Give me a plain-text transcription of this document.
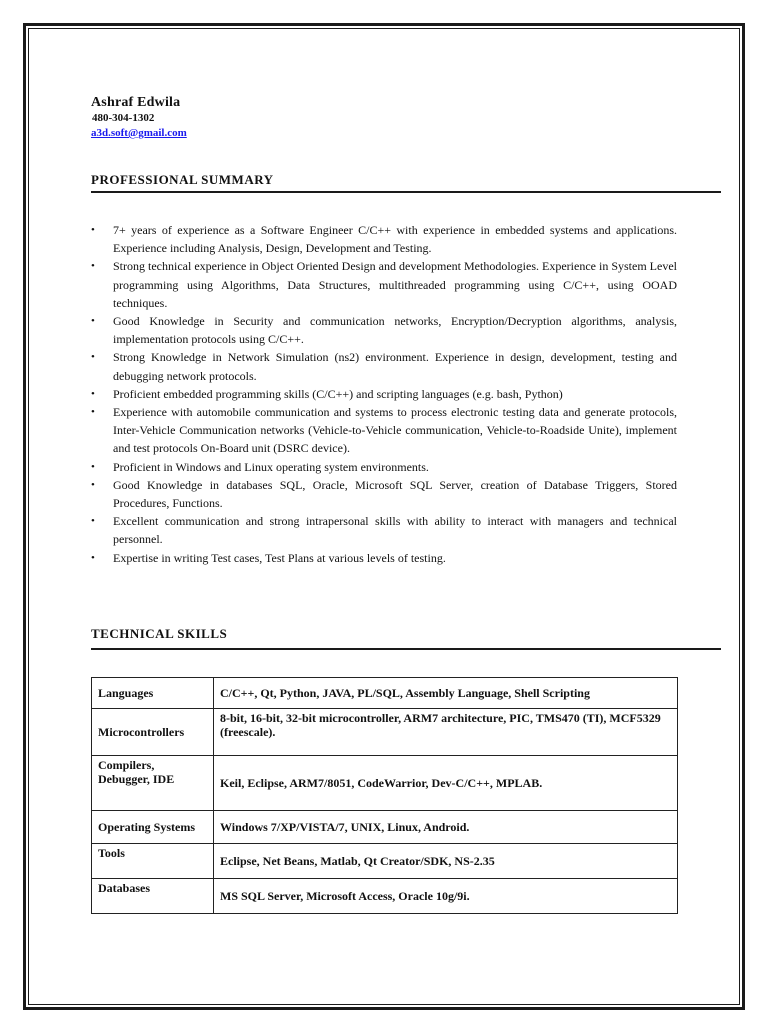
Ashraf Edwila
480-304-1302
a3d.soft@gmail.com
PROFESSIONAL SUMMARY
• 7+ years of experience as a Software Engineer C/C++ with experience in embedded systems and applications. Experience including Analysis, Design, Development and Testing.
• Strong technical experience in Object Oriented Design and development Methodologies. Experience in System Level programming using Algorithms, Data Structures, multithreaded programming using C/C++, using OOAD techniques.
• Good Knowledge in Security and communication networks, Encryption/Decryption algorithms, analysis, implementation protocols using C/C++.
• Strong Knowledge in Network Simulation (ns2) environment. Experience in design, development, testing and debugging network protocols.
• Proficient embedded programming skills (C/C++) and scripting languages (e.g. bash, Python)
• Experience with automobile communication and systems to process electronic testing data and generate protocols, Inter-Vehicle Communication networks (Vehicle-to-Vehicle communication, Vehicle-to-Roadside Unite), implement and test protocols On-Board unit (DSRC device).
• Proficient in Windows and Linux operating system environments.
• Good Knowledge in databases SQL, Oracle, Microsoft SQL Server, creation of Database Triggers, Stored Procedures, Functions.
• Excellent communication and strong intrapersonal skills with ability to interact with managers and technical personnel.
• Expertise in writing Test cases, Test Plans at various levels of testing.
TECHNICAL SKILLS
Languages	C/C++, Qt, Python, JAVA, PL/SQL, Assembly Language, Shell Scripting
Microcontrollers	8-bit, 16-bit, 32-bit microcontroller, ARM7 architecture, PIC, TMS470 (TI), MCF5329 (freescale).
Compilers, Debugger, IDE	Keil, Eclipse, ARM7/8051, CodeWarrior, Dev-C/C++, MPLAB.
Operating Systems	Windows 7/XP/VISTA/7, UNIX, Linux, Android.
Tools	Eclipse, Net Beans, Matlab, Qt Creator/SDK, NS-2.35
Databases	MS SQL Server, Microsoft Access, Oracle 10g/9i.
